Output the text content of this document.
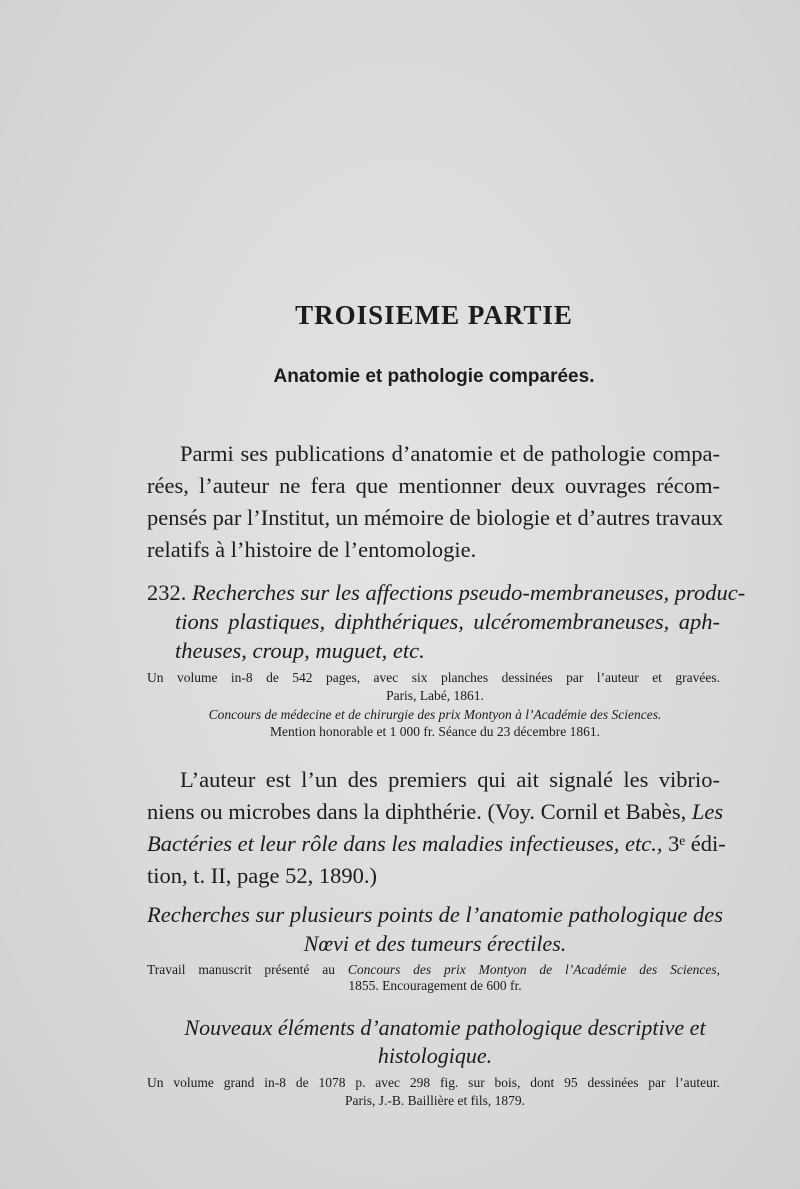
TROISIEME PARTIE
Anatomie et pathologie comparées.

Parmi ses publications d’anatomie et de pathologie compa-

rées, l’auteur ne fera que mentionner deux ouvrages récom-

pensés par l’Institut, un mémoire de biologie et d’autres travaux

relatifs à l’histoire de l’entomologie.

232. Recherches sur les affections pseudo-membraneuses, produc-

tions plastiques, diphthériques, ulcéromembraneuses, aph-

theuses, croup, muguet, etc.

Un volume in-8 de 542 pages, avec six planches dessinées par l’auteur et gravées.

Paris, Labé, 1861.

Concours de médecine et de chirurgie des prix Montyon à l’Académie des Sciences.

Mention honorable et 1 000 fr. Séance du 23 décembre 1861.

L’auteur est l’un des premiers qui ait signalé les vibrio-

niens ou microbes dans la diphthérie. (Voy. Cornil et Babès, Les

Bactéries et leur rôle dans les maladies infectieuses, etc., 3ᵉ édi-

tion, t. II, page 52, 1890.)

Recherches sur plusieurs points de l’anatomie pathologique des

Nœvi et des tumeurs érectiles.

Travail manuscrit présenté au Concours des prix Montyon de l’Académie des Sciences,

1855. Encouragement de 600 fr.

Nouveaux éléments d’anatomie pathologique descriptive et

histologique.

Un volume grand in-8 de 1078 p. avec 298 fig. sur bois, dont 95 dessinées par l’auteur.

Paris, J.-B. Baillière et fils, 1879.
